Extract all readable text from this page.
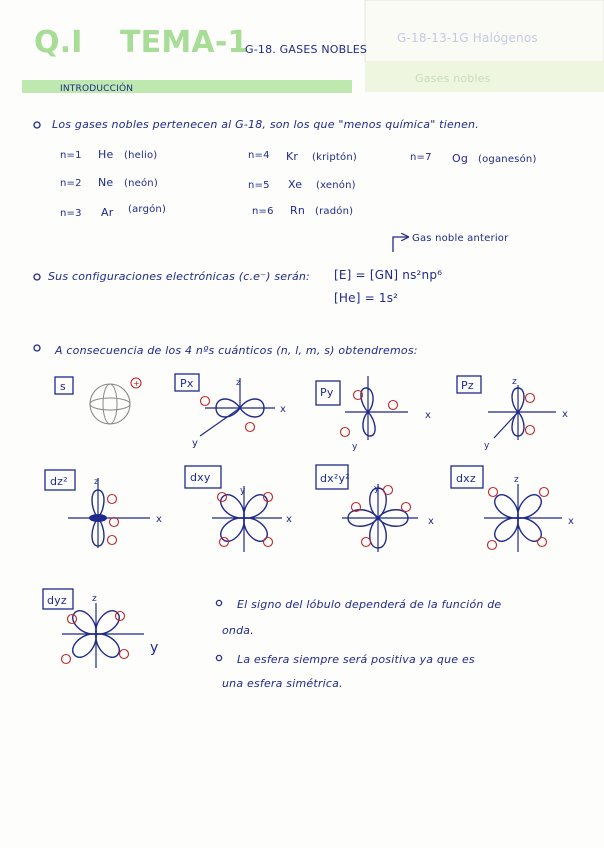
G-18-13-1G Halógenos
Gases nobles
Q.I TEMA-1
G-18. GASES NOBLES
INTRODUCCIÓN
Los gases nobles pertenecen al G-18, son los que "menos química" tienen.
n=1 He (helio)
n=2 Ne (neón)
n=3 Ar (argón)
n=4 Kr (kriptón)
n=5 Xe (xenón)
n=6 Rn (radón)
n=7 Og (oganesón)
Gas noble anterior
Sus configuraciones electrónicas (c.e⁻) serán: [E] = [GN] ns²np⁶
[He] = 1s²
A consecuencia de los 4 nºs cuánticos (n, l, m, s) obtendremos:
s	+	Px	z
x
y
Py
x
y
Pz	z
x
y
dz²	z
x
dxy
y
x
dx²y²
y
x
dxz	z
x
dyz	z
y
El signo del lóbulo dependerá de la función de onda.
La esfera siempre será positiva ya que es una esfera simétrica.
